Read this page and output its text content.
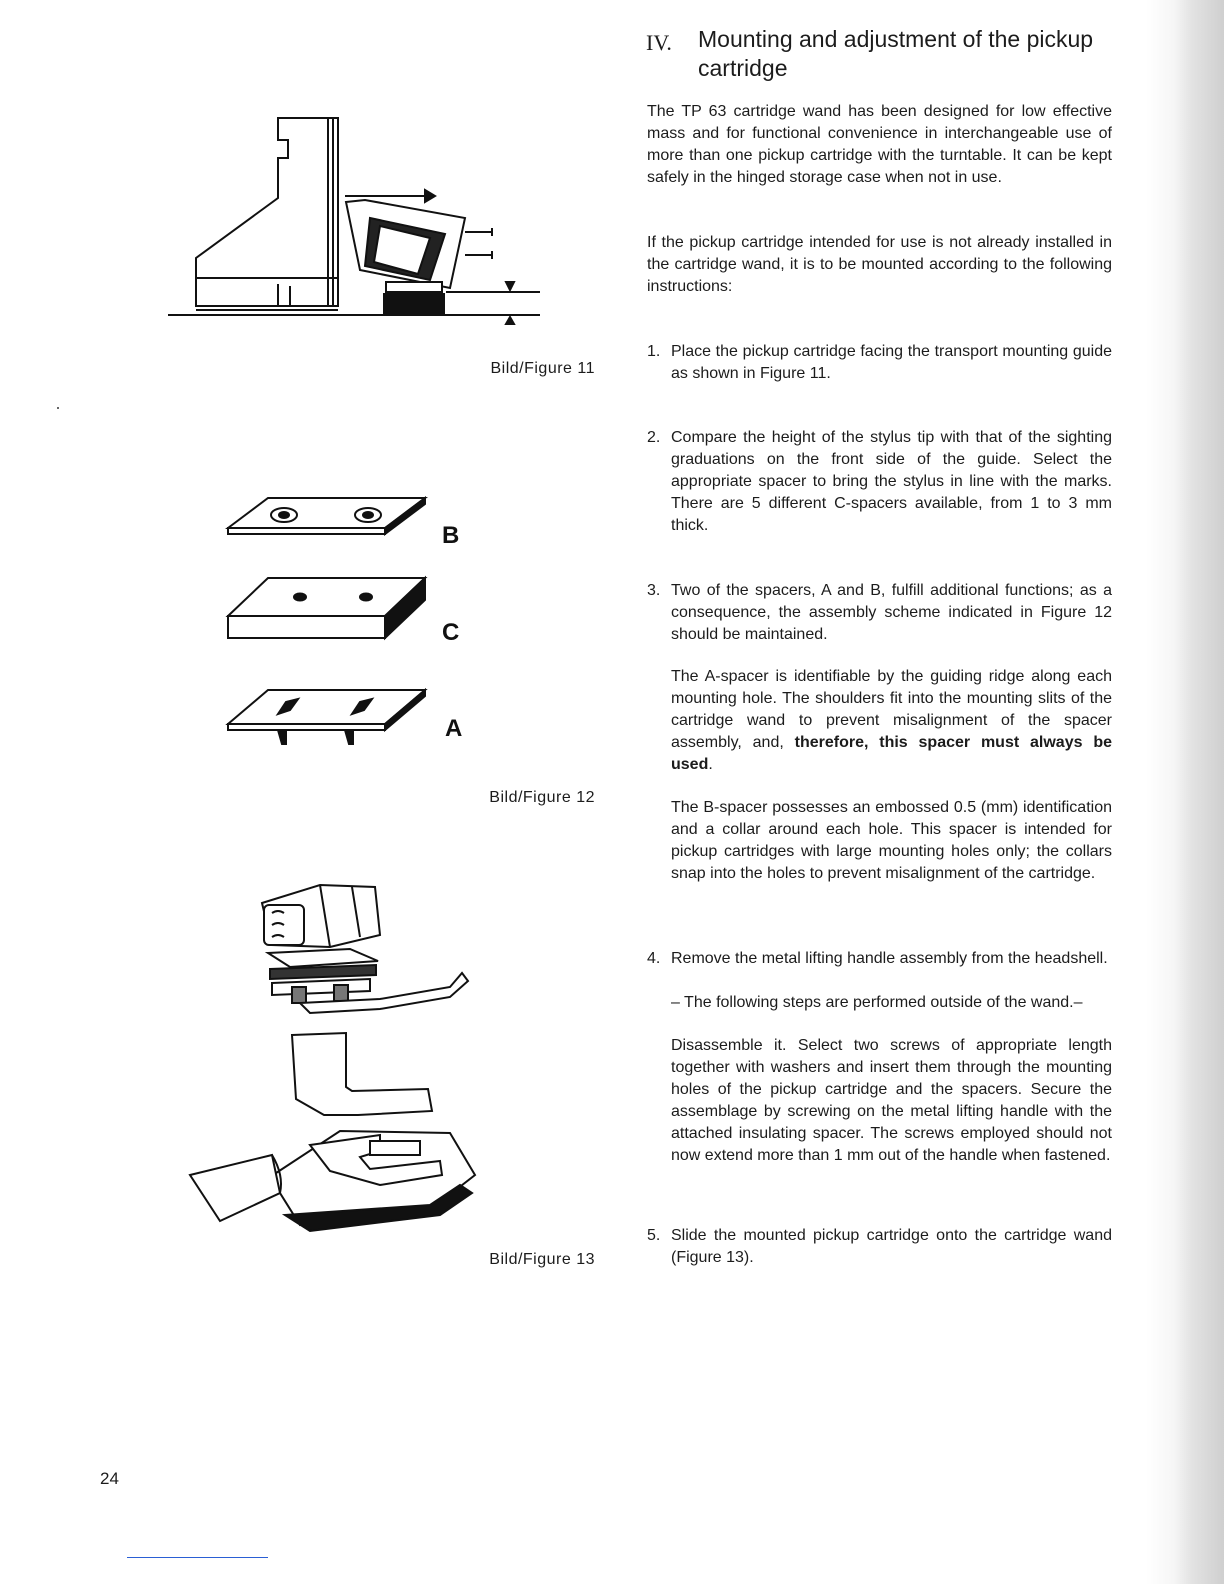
IV. Mounting and adjustment of the pickup cartridge
The TP 63 cartridge wand has been designed for low effective mass and for functional convenience in interchangeable use of more than one pickup cartridge with the turntable. It can be kept safely in the hinged storage case when not in use.
If the pickup cartridge intended for use is not already installed in the cartridge wand, it is to be mounted according to the following instructions:
1. Place the pickup cartridge facing the transport mounting guide as shown in Figure 11.
2. Compare the height of the stylus tip with that of the sighting graduations on the front side of the guide. Select the appropriate spacer to bring the stylus in line with the marks. There are 5 different C-spacers available, from 1 to 3 mm thick.
3. Two of the spacers, A and B, fulfill additional functions; as a consequence, the assembly scheme indicated in Figure 12 should be maintained.
The A-spacer is identifiable by the guiding ridge along each mounting hole. The shoulders fit into the mounting slits of the cartridge wand to prevent misalignment of the spacer assembly, and, therefore, this spacer must always be used.
The B-spacer possesses an embossed 0.5 (mm) identification and a collar around each hole. This spacer is intended for pickup cartridges with large mounting holes only; the collars snap into the holes to prevent misalignment of the cartridge.
4. Remove the metal lifting handle assembly from the headshell.
– The following steps are performed outside of the wand.–
Disassemble it. Select two screws of appropriate length together with washers and insert them through the mounting holes of the pickup cartridge and the spacers. Secure the assemblage by screwing on the metal lifting handle with the attached insulating spacer. The screws employed should not now extend more than 1 mm out of the handle when fastened.
5. Slide the mounted pickup cartridge onto the cartridge wand (Figure 13).
Bild/Figure 11
B
C
A
Bild/Figure 12
Bild/Figure 13
24
